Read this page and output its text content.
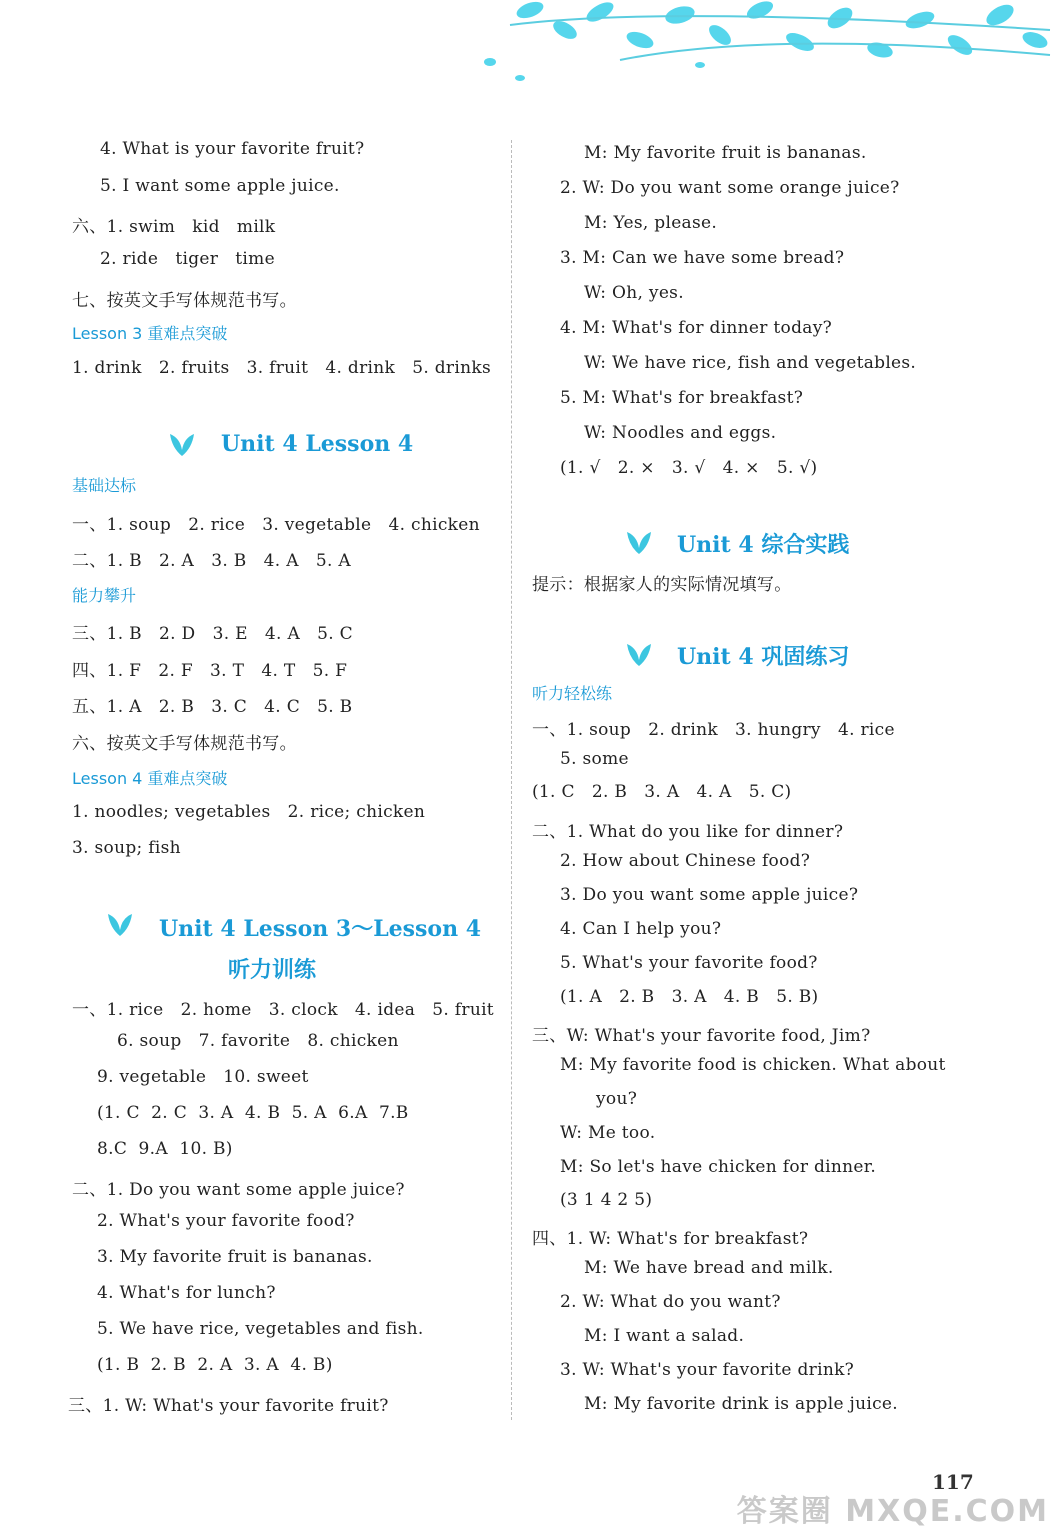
4. What is your favorite fruit?
5. I want some apple juice.
六、1. swim   kid   milk
2. ride   tiger   time
七、按英文手写体规范书写。
Lesson 3 重难点突破
1. drink   2. fruits   3. fruit   4. drink   5. drinks
Unit 4 Lesson 4
基础达标
一、1. soup   2. rice   3. vegetable   4. chicken
二、1. B   2. A   3. B   4. A   5. A
能力攀升
三、1. B   2. D   3. E   4. A   5. C
四、1. F   2. F   3. T   4. T   5. F
五、1. A   2. B   3. C   4. C   5. B
六、按英文手写体规范书写。
Lesson 4 重难点突破
1. noodles; vegetables   2. rice; chicken
3. soup; fish
Unit 4 Lesson 3～Lesson 4
听力训练
一、1. rice   2. home   3. clock   4. idea   5. fruit
6. soup   7. favorite   8. chicken
9. vegetable   10. sweet
(1. C  2. C  3. A  4. B  5. A  6.A  7.B
8.C  9.A  10. B)
二、1. Do you want some apple juice?
2. What's your favorite food?
3. My favorite fruit is bananas.
4. What's for lunch?
5. We have rice, vegetables and fish.
(1. B  2. B  2. A  3. A  4. B)
三、1. W: What's your favorite fruit?
M: My favorite fruit is bananas.
2. W: Do you want some orange juice?
M: Yes, please.
3. M: Can we have some bread?
W: Oh, yes.
4. M: What's for dinner today?
W: We have rice, fish and vegetables.
5. M: What's for breakfast?
W: Noodles and eggs.
(1. √   2. ×   3. √   4. ×   5. √)
Unit 4 综合实践
提示：根据家人的实际情况填写。
Unit 4 巩固练习
听力轻松练
一、1. soup   2. drink   3. hungry   4. rice
5. some
(1. C   2. B   3. A   4. A   5. C)
二、1. What do you like for dinner?
2. How about Chinese food?
3. Do you want some apple juice?
4. Can I help you?
5. What's your favorite food?
(1. A   2. B   3. A   4. B   5. B)
三、W: What's your favorite food, Jim?
M: My favorite food is chicken. What about
you?
W: Me too.
M: So let's have chicken for dinner.
(3 1 4 2 5)
四、1. W: What's for breakfast?
M: We have bread and milk.
2. W: What do you want?
M: I want a salad.
3. W: What's your favorite drink?
M: My favorite drink is apple juice.
117
答案圈 MXQE.COM
